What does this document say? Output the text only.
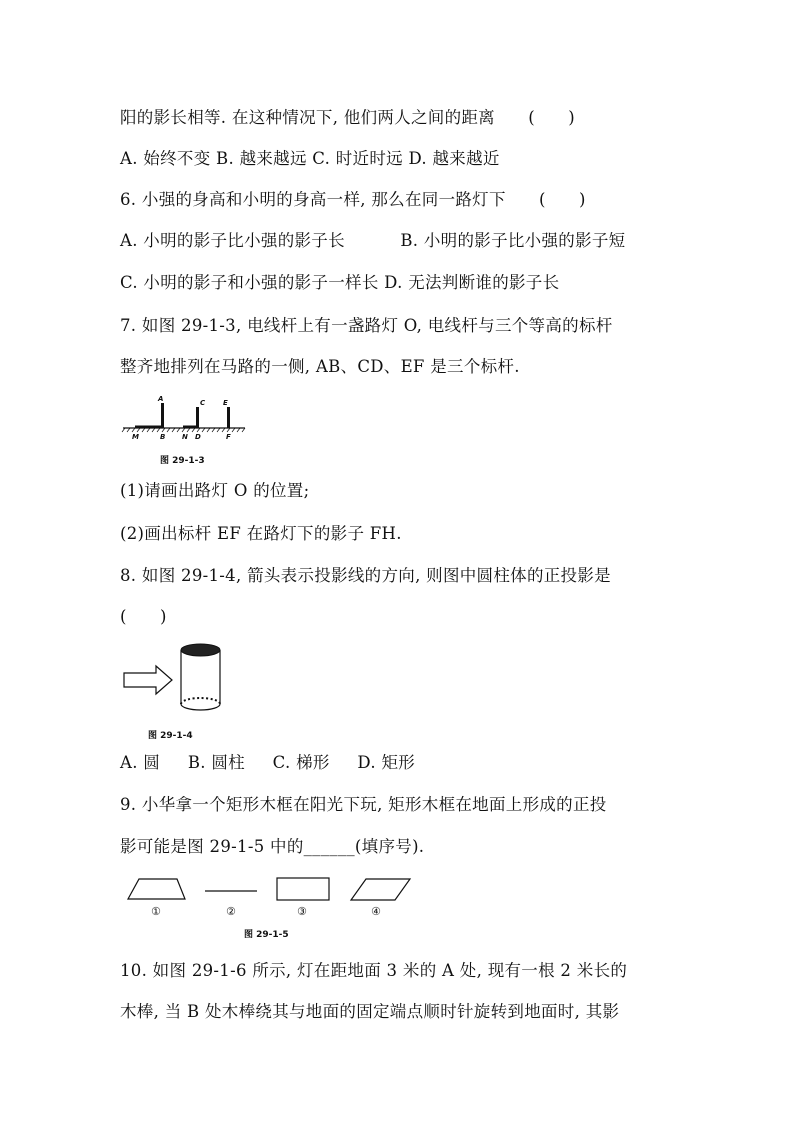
阳的影长相等. 在这种情况下, 他们两人之间的距离      (      )
A. 始终不变 B. 越来越远 C. 时近时远 D. 越来越近
6. 小强的身高和小明的身高一样, 那么在同一路灯下      (      )
A. 小明的影子比小强的影子长          B. 小明的影子比小强的影子短
C. 小明的影子和小强的影子一样长 D. 无法判断谁的影子长
7. 如图 29-1-3, 电线杆上有一盏路灯 O, 电线杆与三个等高的标杆
整齐地排列在马路的一侧, AB、CD、EF 是三个标杆.
A	C	E
M	B N D	F
图 29-1-3
(1)请画出路灯 O 的位置;
(2)画出标杆 EF 在路灯下的影子 FH.
8. 如图 29-1-4, 箭头表示投影线的方向, 则图中圆柱体的正投影是
(      )
图 29-1-4
A. 圆     B. 圆柱     C. 梯形     D. 矩形
9. 小华拿一个矩形木框在阳光下玩, 矩形木框在地面上形成的正投
影可能是图 29-1-5 中的______(填序号).
①	②	③	④
图 29-1-5
10. 如图 29-1-6 所示, 灯在距地面 3 米的 A 处, 现有一根 2 米长的
木棒, 当 B 处木棒绕其与地面的固定端点顺时针旋转到地面时, 其影
